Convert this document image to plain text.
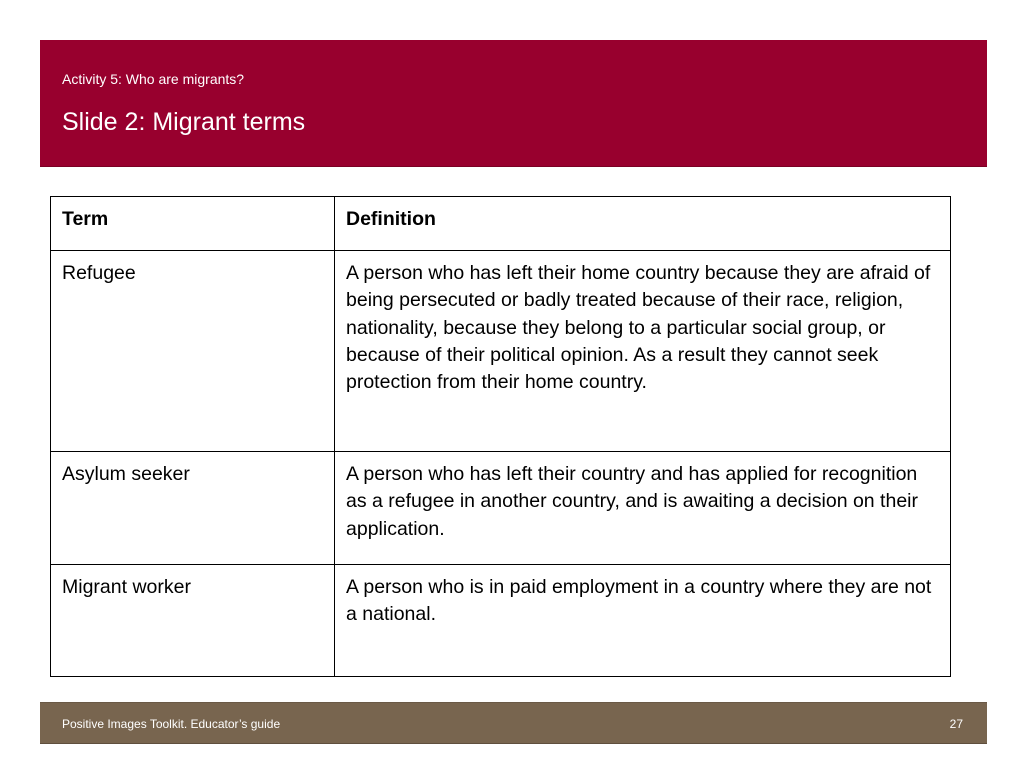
Activity 5: Who are migrants?
Slide 2: Migrant terms
Term	Definition
Refugee	A person who has left their home country because they are afraid of being persecuted or badly treated because of their race, religion, nationality, because they belong to a particular social group, or because of their political opinion. As a result they cannot seek protection from their home country.
Asylum seeker	A person who has left their country and has applied for recognition as a refugee in another country, and is awaiting a decision on their application.
Migrant worker	A person who is in paid employment in a country where they are not a national.
Positive Images Toolkit. Educator’s guide	27
